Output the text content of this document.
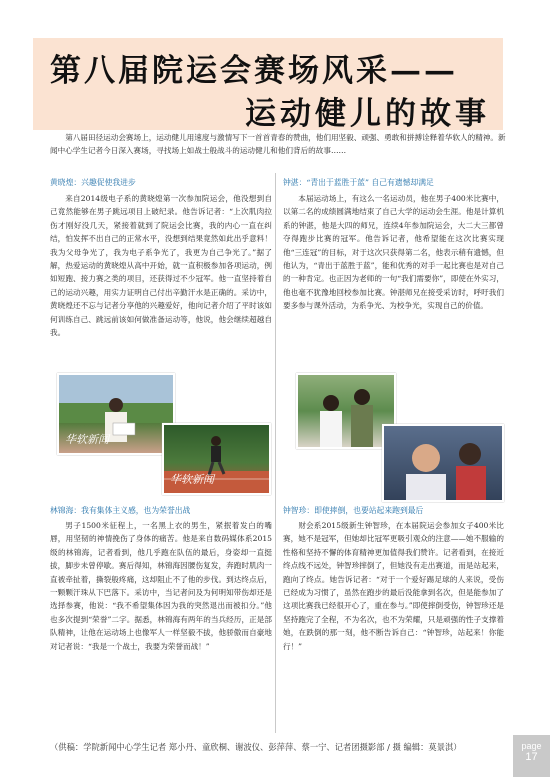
第八届院运会赛场风采——
运动健儿的故事
第八届田径运动会赛场上，运动健儿用速度与激情写下一首首青春的赞曲，他们用坚毅、顽强、勇敢和拼搏诠释着华软人的精神。新闻中心学生记者今日深入赛场，寻找场上如战士般战斗的运动健儿和他们背后的故事……
黄晓煌：兴趣促使我进步

来自2014级电子系的黄晓煌第一次参加院运会，他没想到自己竟然能够在男子跳远项目上破纪录。他告诉记者：“上次肌肉拉伤才刚好没几天，紧接着就到了院运会比赛，我的内心一直在纠结，怕发挥不出自己的正常水平，没想到结果竟然如此出乎意料！我为父母争光了，我为电子系争光了，我更为自己争光了。”据了解，热爱运动的黄晓煌从高中开始，就一直积极参加各项运动，例如短跑、接力赛之类的项目，还获得过不少冠军。他一直坚持着自己的运动兴趣，用实力证明自己付出辛勤汗水是正确的。采访中，黄晓煌还不忘与记者分享他的兴趣爱好，他向记者介绍了平时该如何训练自己、跳远前该如何做准备运动等，他说，他会继续超越自我。

钟湛：“青出于蓝胜于蓝” 自己有遗憾却满足

本届运动场上，有这么一名运动员，他在男子400米比赛中，以第二名的成绩圆满地结束了自己大学的运动会生涯。他是计算机系的钟湛，他是大四的师兄，连续4年参加院运会，大二大三都曾夺得跑步比赛的冠军。他告诉记者，他希望能在这次比赛实现他“三连冠”的目标，对于这次只获得第二名，他表示稍有遗憾，但他认为，“青出于蓝胜于蓝”，能和优秀的对手一起比赛也是对自己的一种肯定。也正因为老师的一句“我们需要你”，即使在外实习，他也毫不犹豫地回校参加比赛。钟湛师兄在接受采访时，呼吁我们要多参与课外活动，为系争光、为校争光，实现自己的价值。

华软新闻
华软新闻
林锦海：我有集体主义感，也为荣誉出战

男子1500米征程上，一名黑上衣的男生，紧抿着发白的嘴唇，用坚韧的神情挽伤了身体的痛苦。他是来自数码媒体系2015级的林锦海，记者看到，他几乎跑在队伍的最后，身姿却一直挺拔，脚步未曾停歇。赛后得知，林锦海因腰伤复发，奔跑时肌肉一直被牵扯着，撕裂般疼痛，这却阻止不了他的步伐。到达终点后，一颗颗汗珠从下巴落下。采访中，当记者问及为何明知带伤却还是选择参赛，他说：“我不希望集体因为我的突然退出而被扣分。”他也多次提到“荣誉”二字。据悉，林锦海有两年的当兵经历，正是部队精神，让他在运动场上也像军人一样坚毅不拔，他骄傲而自豪地对记者说：“我是一个战士，我要为荣誉而战！”

钟智珍：即使摔倒，也要站起来跑到最后

财会系2015级新生钟智珍，在本届院运会参加女子400米比赛，她不是冠军，但她却比冠军更吸引观众的注意——她不服输的性格和坚持不懈的体育精神更加值得我们赞许。记者看到，在接近终点线不远处，钟智珍摔倒了，但她没有走出赛道，而是站起来，跑向了终点。她告诉记者：“对于一个爱好踢足球的人来说，受伤已经成为习惯了，虽然在跑步的最后没能拿到名次，但是能参加了这项比赛我已经很开心了，重在参与。”即使摔倒受伤，钟智珍还是坚持跑完了全程，不为名次，也不为荣耀，只是顽强的性子支撑着她，在跌倒的那一刻，他不断告诉自己：“钟智珍，站起来！你能行！”

（供稿：学院新闻中心学生记者 郑小丹、童欣桐、谢波仪、彭萍萍、蔡一宁、记者团摄影部 / 摄 编辑：莫景淇）	page
17
